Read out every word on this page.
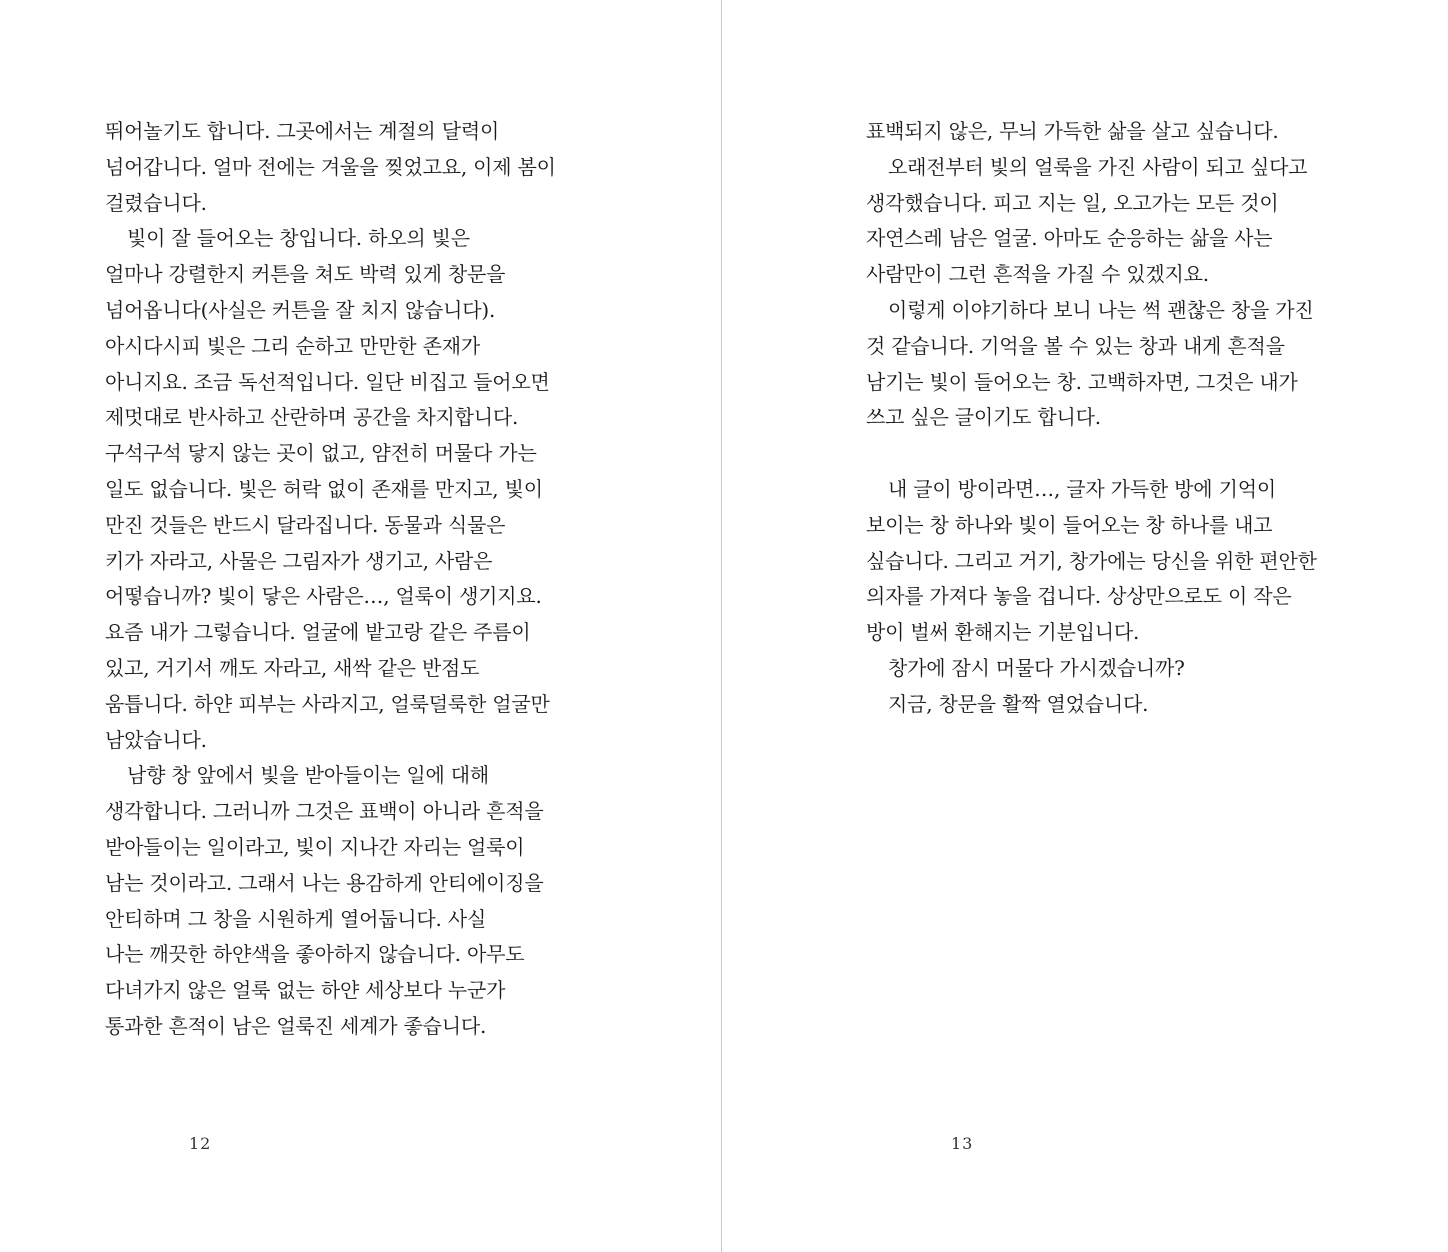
뛰어놀기도 합니다. 그곳에서는 계절의 달력이
넘어갑니다. 얼마 전에는 겨울을 찢었고요, 이제 봄이
걸렸습니다.
빛이 잘 들어오는 창입니다. 하오의 빛은
얼마나 강렬한지 커튼을 쳐도 박력 있게 창문을
넘어옵니다(사실은 커튼을 잘 치지 않습니다).
아시다시피 빛은 그리 순하고 만만한 존재가
아니지요. 조금 독선적입니다. 일단 비집고 들어오면
제멋대로 반사하고 산란하며 공간을 차지합니다.
구석구석 닿지 않는 곳이 없고, 얌전히 머물다 가는
일도 없습니다. 빛은 허락 없이 존재를 만지고, 빛이
만진 것들은 반드시 달라집니다. 동물과 식물은
키가 자라고, 사물은 그림자가 생기고, 사람은
어떻습니까? 빛이 닿은 사람은…, 얼룩이 생기지요.
요즘 내가 그렇습니다. 얼굴에 밭고랑 같은 주름이
있고, 거기서 깨도 자라고, 새싹 같은 반점도
움틉니다. 하얀 피부는 사라지고, 얼룩덜룩한 얼굴만
남았습니다.
남향 창 앞에서 빛을 받아들이는 일에 대해
생각합니다. 그러니까 그것은 표백이 아니라 흔적을
받아들이는 일이라고, 빛이 지나간 자리는 얼룩이
남는 것이라고. 그래서 나는 용감하게 안티에이징을
안티하며 그 창을 시원하게 열어둡니다. 사실
나는 깨끗한 하얀색을 좋아하지 않습니다. 아무도
다녀가지 않은 얼룩 없는 하얀 세상보다 누군가
통과한 흔적이 남은 얼룩진 세계가 좋습니다.
12
표백되지 않은, 무늬 가득한 삶을 살고 싶습니다.
오래전부터 빛의 얼룩을 가진 사람이 되고 싶다고
생각했습니다. 피고 지는 일, 오고가는 모든 것이
자연스레 남은 얼굴. 아마도 순응하는 삶을 사는
사람만이 그런 흔적을 가질 수 있겠지요.
이렇게 이야기하다 보니 나는 썩 괜찮은 창을 가진
것 같습니다. 기억을 볼 수 있는 창과 내게 흔적을
남기는 빛이 들어오는 창. 고백하자면, 그것은 내가
쓰고 싶은 글이기도 합니다.
내 글이 방이라면…, 글자 가득한 방에 기억이
보이는 창 하나와 빛이 들어오는 창 하나를 내고
싶습니다. 그리고 거기, 창가에는 당신을 위한 편안한
의자를 가져다 놓을 겁니다. 상상만으로도 이 작은
방이 벌써 환해지는 기분입니다.
창가에 잠시 머물다 가시겠습니까?
지금, 창문을 활짝 열었습니다.
13
